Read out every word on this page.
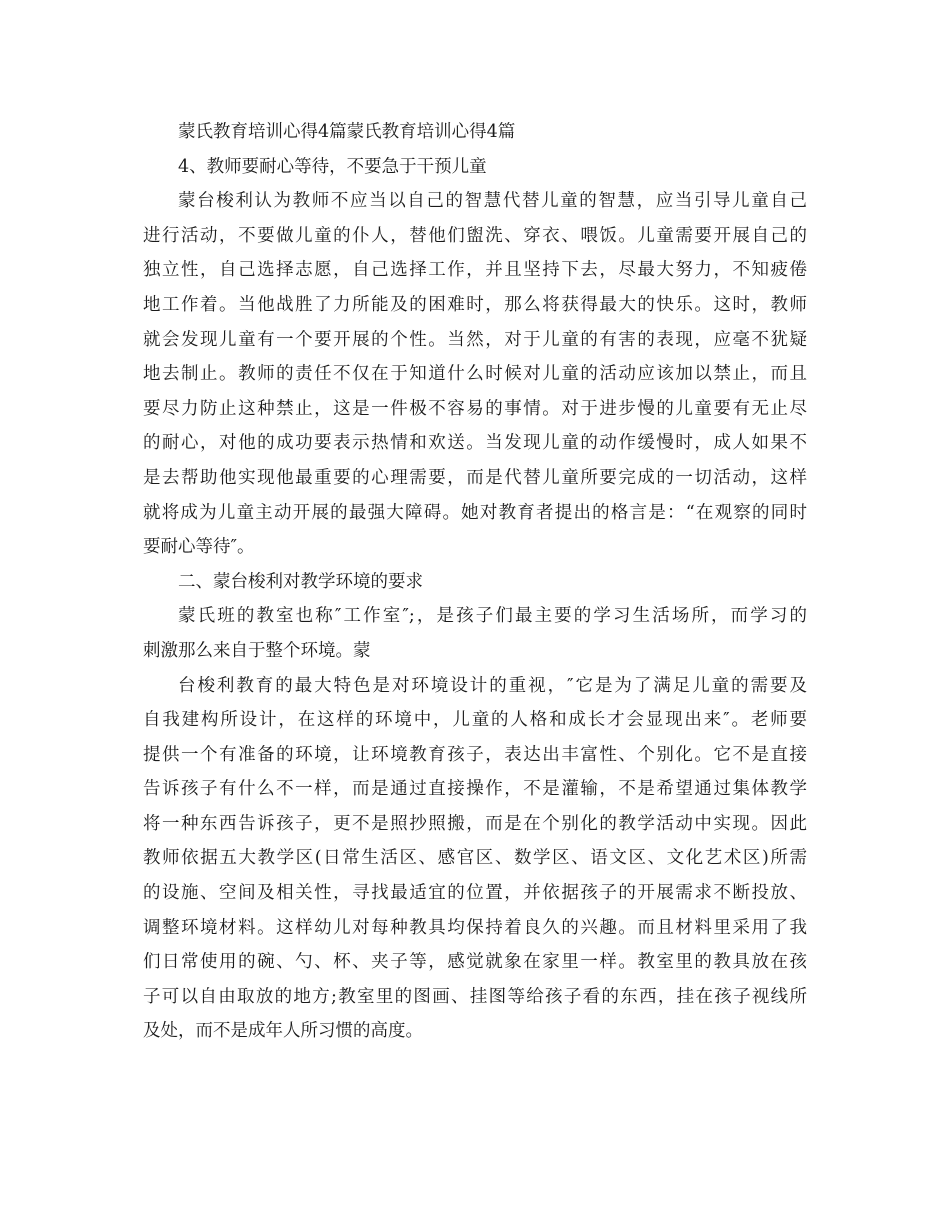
蒙氏教育培训心得4篇蒙氏教育培训心得4篇
4、教师要耐心等待，不要急于干预儿童
蒙台梭利认为教师不应当以自己的智慧代替儿童的智慧，应当引导儿童自己
进行活动，不要做儿童的仆人，替他们盥洗、穿衣、喂饭。儿童需要开展自己的
独立性，自己选择志愿，自己选择工作，并且坚持下去，尽最大努力，不知疲倦
地工作着。当他战胜了力所能及的困难时，那么将获得最大的快乐。这时，教师
就会发现儿童有一个要开展的个性。当然，对于儿童的有害的表现，应毫不犹疑
地去制止。教师的责任不仅在于知道什么时候对儿童的活动应该加以禁止，而且
要尽力防止这种禁止，这是一件极不容易的事情。对于进步慢的儿童要有无止尽
的耐心，对他的成功要表示热情和欢送。当发现儿童的动作缓慢时，成人如果不
是去帮助他实现他最重要的心理需要，而是代替儿童所要完成的一切活动，这样
就将成为儿童主动开展的最强大障碍。她对教育者提出的格言是：“在观察的同时
要耐心等待″。
二、蒙台梭利对教学环境的要求
蒙氏班的教室也称″工作室″;，是孩子们最主要的学习生活场所，而学习的
刺激那么来自于整个环境。蒙
台梭利教育的最大特色是对环境设计的重视，″它是为了满足儿童的需要及
自我建构所设计，在这样的环境中，儿童的人格和成长才会显现出来″。老师要
提供一个有准备的环境，让环境教育孩子，表达出丰富性、个别化。它不是直接
告诉孩子有什么不一样，而是通过直接操作，不是灌输，不是希望通过集体教学
将一种东西告诉孩子，更不是照抄照搬，而是在个别化的教学活动中实现。因此
教师依据五大教学区(日常生活区、感官区、数学区、语文区、文化艺术区)所需
的设施、空间及相关性，寻找最适宜的位置，并依据孩子的开展需求不断投放、
调整环境材料。这样幼儿对每种教具均保持着良久的兴趣。而且材料里采用了我
们日常使用的碗、勺、杯、夹子等，感觉就象在家里一样。教室里的教具放在孩
子可以自由取放的地方;教室里的图画、挂图等给孩子看的东西，挂在孩子视线所
及处，而不是成年人所习惯的高度。
